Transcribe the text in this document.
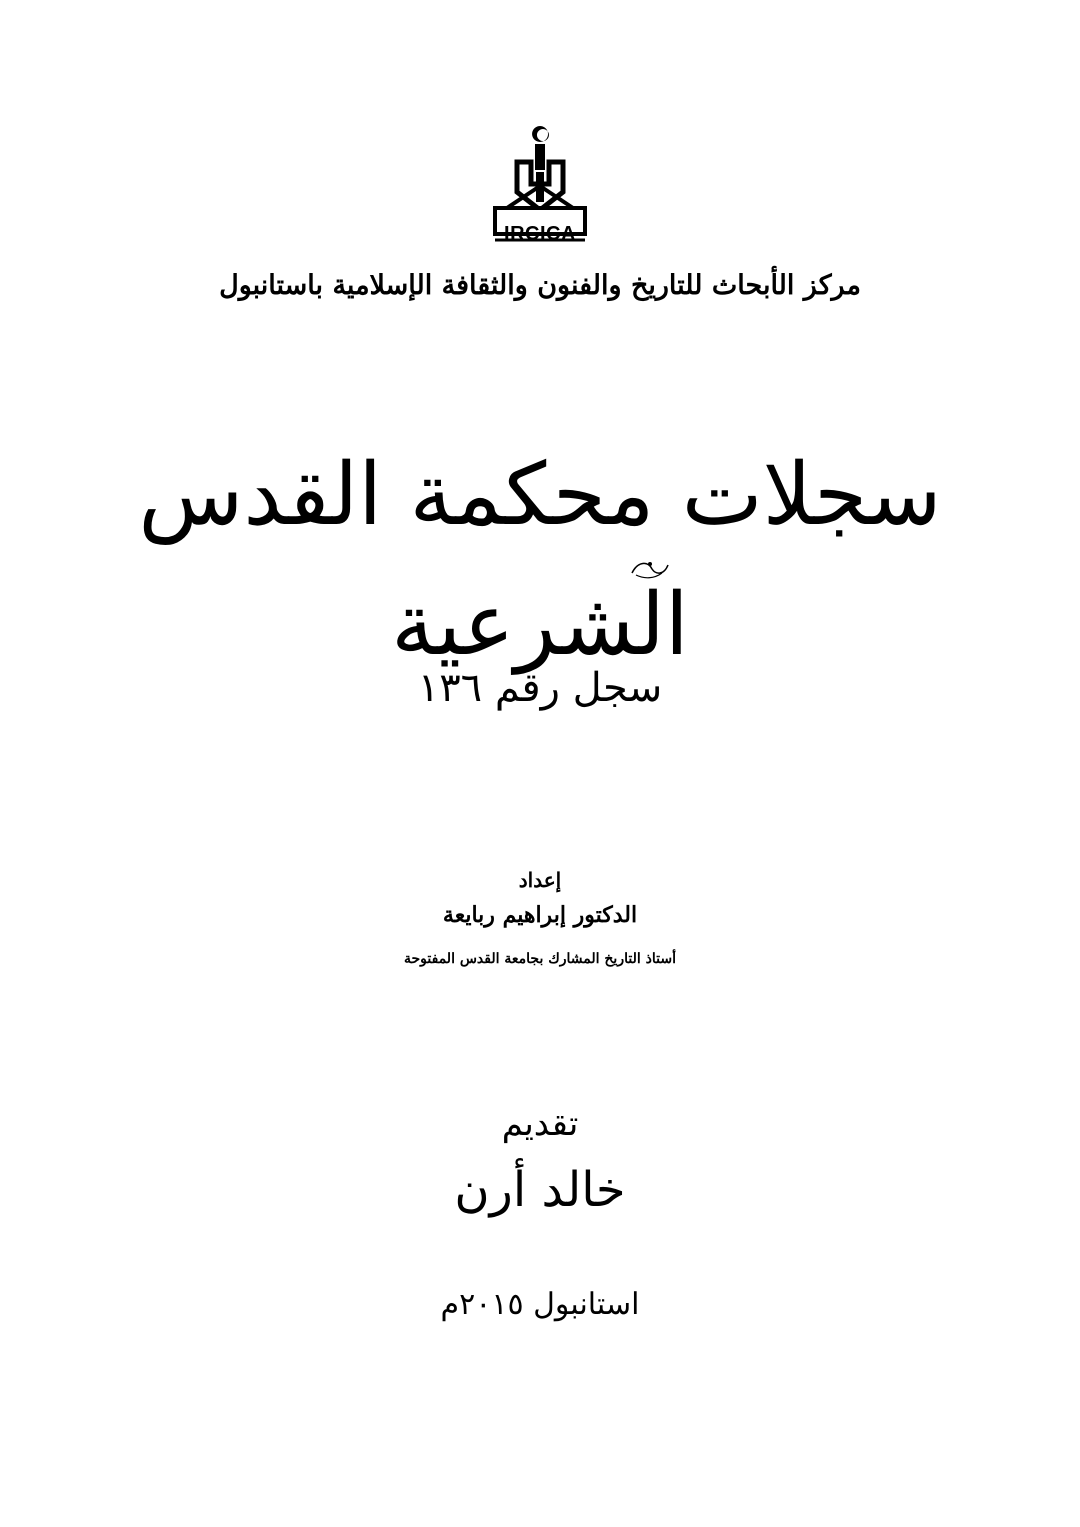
IRCICA
مركز الأبحاث للتاريخ والفنون والثقافة الإسلامية باستانبول
سجلات محكمة القدس الشرعية
سجل رقم ١٣٦
إعداد
الدكتور إبراهيم ربايعة
أستاذ التاريخ المشارك بجامعة القدس المفتوحة
تقديم
خالد أرن
استانبول ٢٠١٥م
